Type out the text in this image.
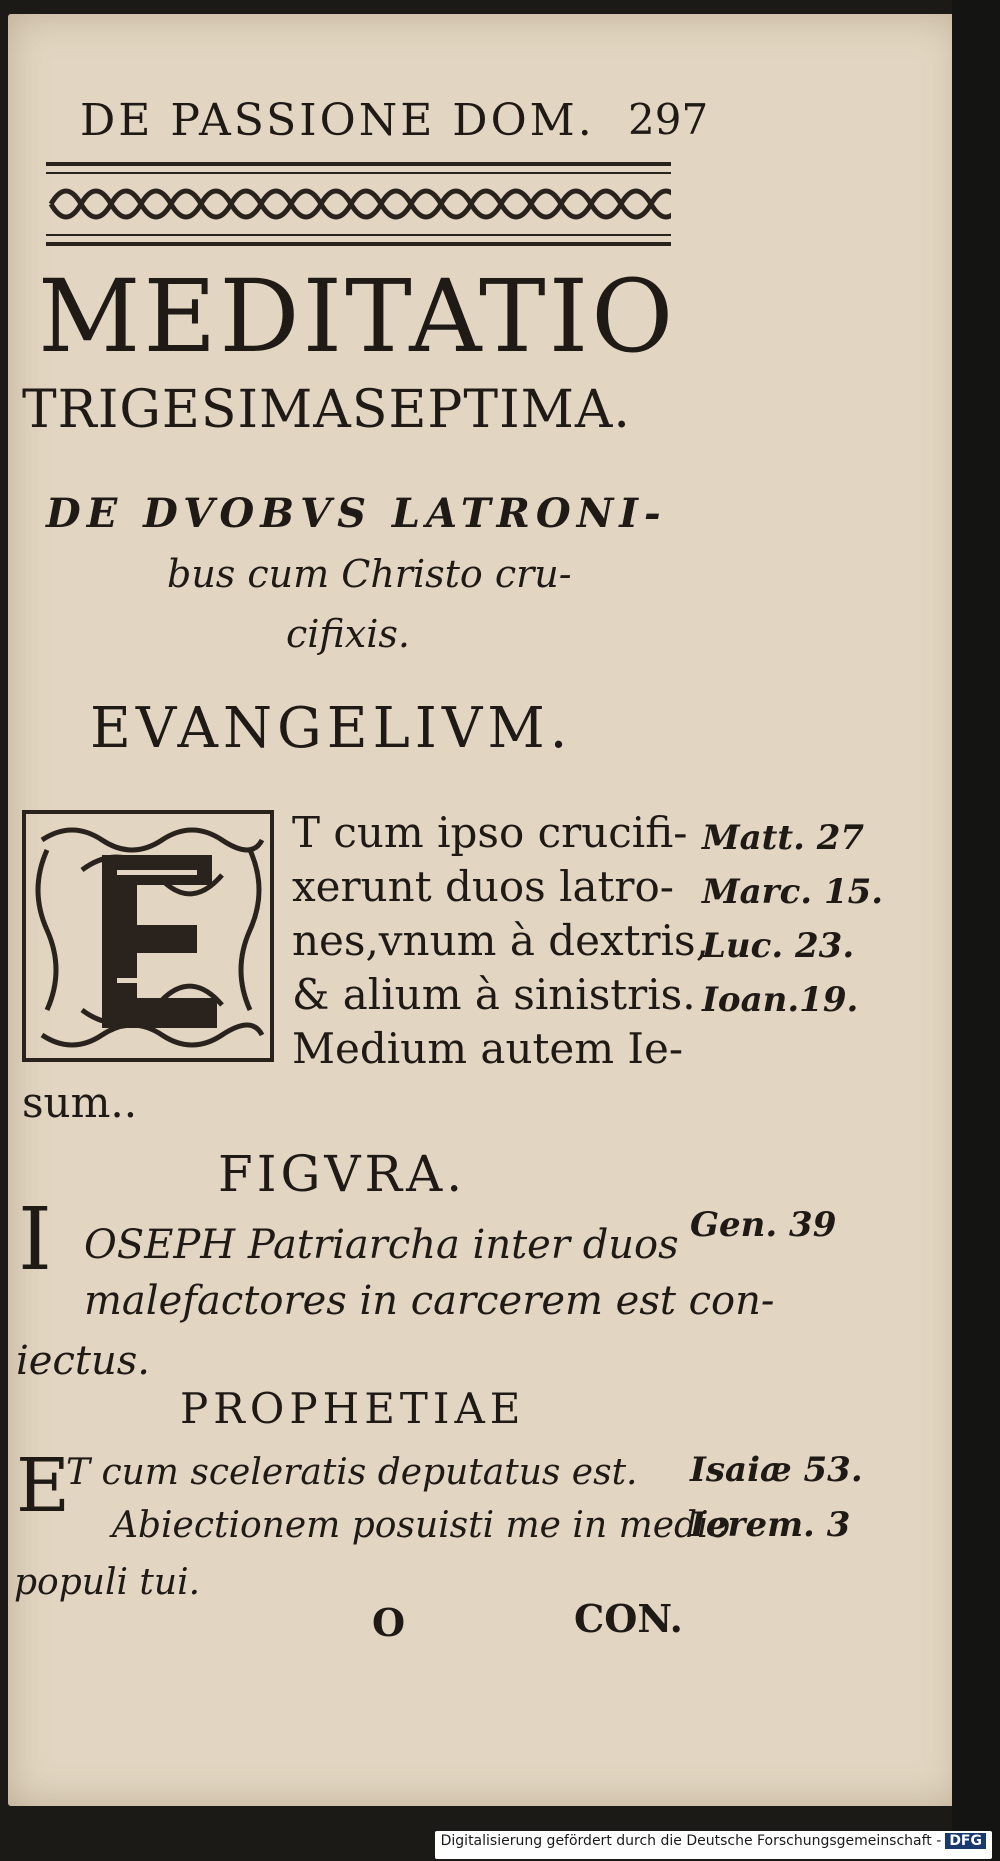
DE PASSIONE DOM. 297
MEDITATIO
TRIGESIMASEPTIMA.
DE DVOBVS LATRONI-
bus cum Christo cru-
cifixis.
EVANGELIVM.
T cum ipso crucifi-
xerunt duos latro-
nes,vnum à dextris,
& alium à sinistris.
Medium autem Ie-
sum..
Matt. 27
Marc. 15.
Luc. 23.
Ioan.19.
FIGVRA.
I OSEPH Patriarcha inter duos
malefactores in carcerem est con-
iectus.
Gen. 39
PROPHETIAE
E
T cum sceleratis deputatus est.
Abiectionem posuisti me in medio
populi tui.
Isaiæ 53.
Ierem. 3
O	CON.
Digitalisierung gefördert durch die Deutsche Forschungsgemeinschaft - DFG
